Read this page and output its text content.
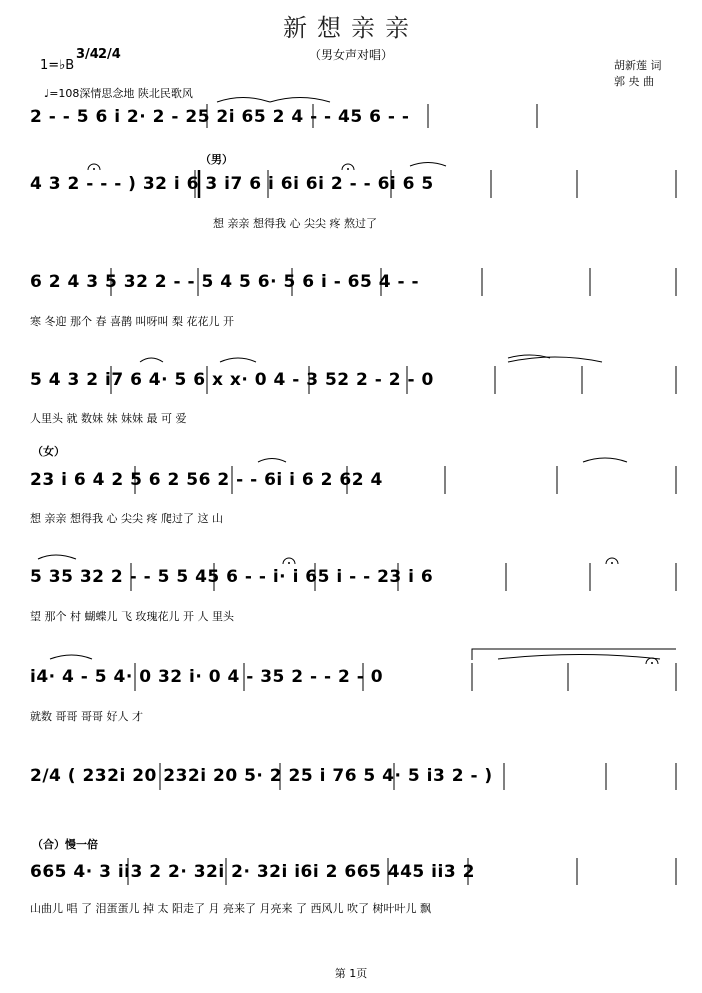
新想亲亲
（男女声对唱）
胡新莲 词
郭 央 曲
1=♭B
3/4 2/4
♩=108深情思念地 陕北民歌风
2 - - 5 6 i 2· 2 - 25 2i 65 2 4 - - 45 6 - -
（男）
4 3 2 - - - ) 32 i 6 3 i7 6 i 6i 6i 2 - - 6i 6 5
想 亲亲 想得我 心 尖尖 疼 熬过了
6 2 4 3 5 32 2 - - 5 4 5 6· 5 6 i - 65 4 - -
寒 冬迎 那个 春 喜鹊 叫呀叫 梨 花花儿 开
5 4 3 2 i7 6 4· 5 6 x x· 0 4 - 3 52 2 - 2 - 0
人里头 就 数妹 妹 妹妹 最 可 爱
（女）
23 i 6 4 2 5 6 2 56 2 - - 6i i 6 2 62 4
想 亲亲 想得我 心 尖尖 疼 爬过了 这 山
5 35 32 2 - - 5 5 45 6 - - i· i 65 i - - 23 i 6
望 那个 村 蝴蝶儿 飞 玫瑰花儿 开 人 里头
i4· 4 - 5 4· 0 32 i· 0 4 - 35 2 - - 2 - 0
就数 哥哥 哥哥 好人 才
2/4 ( 232i 20 232i 20 5· 2 25 i 76 5 4· 5 i3 2 - )
（合）慢一倍
665 4· 3 ii3 2 2· 32i 2· 32i i6i 2 665 445 ii3 2
山曲儿 唱 了 泪蛋蛋儿 掉 太 阳走了 月 亮来了 月亮来 了 西风儿 吹了 树叶叶儿 飘
第 1页
